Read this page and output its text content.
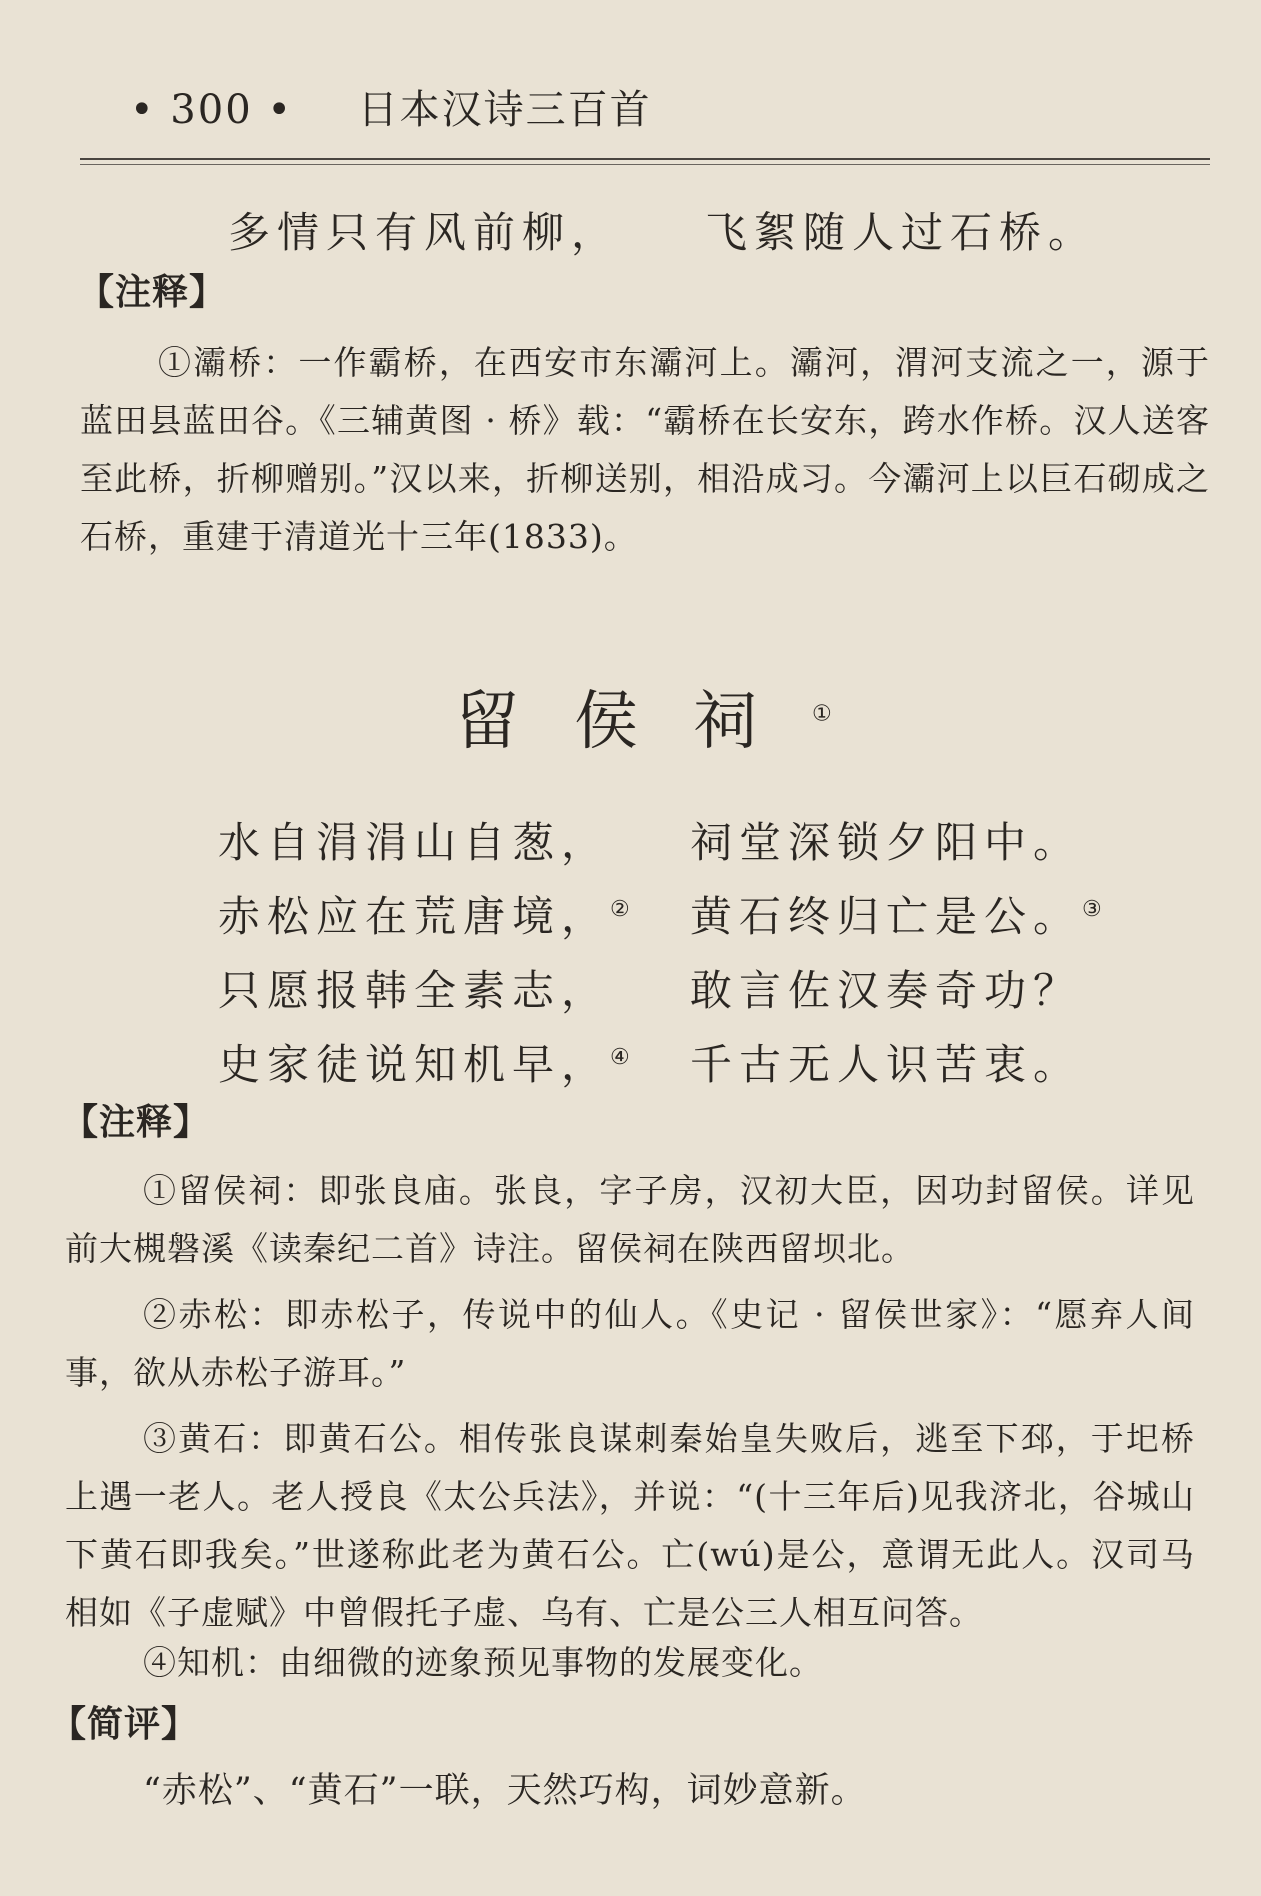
• 300 • 日本汉诗三百首
多情只有风前柳， 飞絮随人过石桥。
【注释】
①灞桥：一作霸桥，在西安市东灞河上。灞河，渭河支流之一，源于蓝田县蓝田谷。《三辅黄图 · 桥》载：“霸桥在长安东，跨水作桥。汉人送客至此桥，折柳赠别。”汉以来，折柳送别，相沿成习。今灞河上以巨石砌成之石桥，重建于清道光十三年(1833)。
留侯祠①
水自涓涓山自葱， 祠堂深锁夕阳中。
赤松应在荒唐境，② 黄石终归亡是公。③
只愿报韩全素志， 敢言佐汉奏奇功？
史家徒说知机早，④ 千古无人识苦衷。
【注释】
①留侯祠：即张良庙。张良，字子房，汉初大臣，因功封留侯。详见前大槻磐溪《读秦纪二首》诗注。留侯祠在陕西留坝北。
②赤松：即赤松子，传说中的仙人。《史记 · 留侯世家》：“愿弃人间事，欲从赤松子游耳。”
③黄石：即黄石公。相传张良谋刺秦始皇失败后，逃至下邳，于圯桥上遇一老人。老人授良《太公兵法》，并说：“(十三年后)见我济北，谷城山下黄石即我矣。”世遂称此老为黄石公。亡(wú)是公，意谓无此人。汉司马相如《子虚赋》中曾假托子虚、乌有、亡是公三人相互问答。
④知机：由细微的迹象预见事物的发展变化。
【简评】
“赤松”、“黄石”一联，天然巧构，词妙意新。
